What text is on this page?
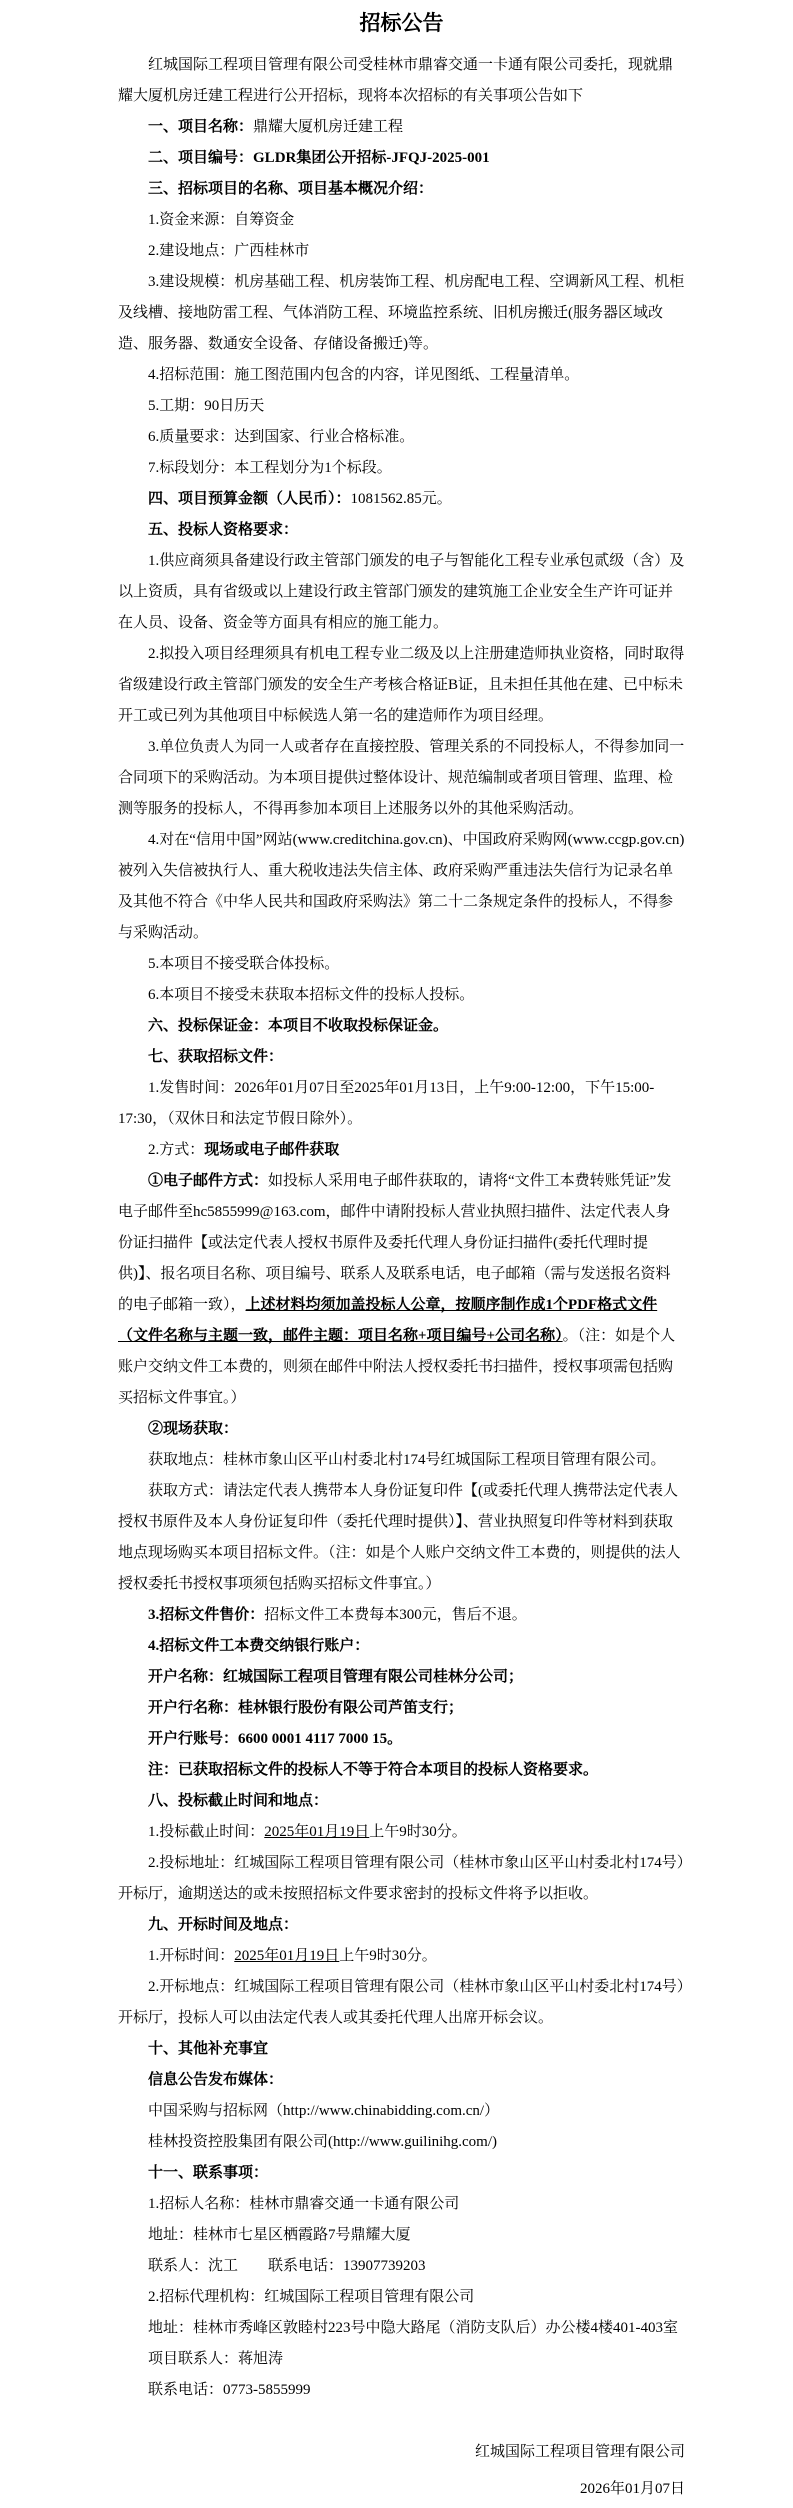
招标公告

红城国际工程项目管理有限公司受桂林市鼎睿交通一卡通有限公司委托，现就鼎耀大厦机房迁建工程进行公开招标，现将本次招标的有关事项公告如下

一、项目名称：鼎耀大厦机房迁建工程

二、项目编号：GLDR集团公开招标-JFQJ-2025-001

三、招标项目的名称、项目基本概况介绍：

1.资金来源：自筹资金

2.建设地点：广西桂林市

3.建设规模：机房基础工程、机房装饰工程、机房配电工程、空调新风工程、机柜及线槽、接地防雷工程、气体消防工程、环境监控系统、旧机房搬迁(服务器区域改造、服务器、数通安全设备、存储设备搬迁)等。

4.招标范围：施工图范围内包含的内容，详见图纸、工程量清单。

5.工期：90日历天

6.质量要求：达到国家、行业合格标准。

7.标段划分：本工程划分为1个标段。

四、项目预算金额（人民币）：1081562.85元。

五、投标人资格要求：

1.供应商须具备建设行政主管部门颁发的电子与智能化工程专业承包贰级（含）及以上资质，具有省级或以上建设行政主管部门颁发的建筑施工企业安全生产许可证并在人员、设备、资金等方面具有相应的施工能力。

2.拟投入项目经理须具有机电工程专业二级及以上注册建造师执业资格，同时取得省级建设行政主管部门颁发的安全生产考核合格证B证，且未担任其他在建、已中标未开工或已列为其他项目中标候选人第一名的建造师作为项目经理。

3.单位负责人为同一人或者存在直接控股、管理关系的不同投标人，不得参加同一合同项下的采购活动。为本项目提供过整体设计、规范编制或者项目管理、监理、检测等服务的投标人，不得再参加本项目上述服务以外的其他采购活动。

4.对在“信用中国”网站(www.creditchina.gov.cn)、中国政府采购网(www.ccgp.gov.cn)被列入失信被执行人、重大税收违法失信主体、政府采购严重违法失信行为记录名单及其他不符合《中华人民共和国政府采购法》第二十二条规定条件的投标人，不得参与采购活动。

5.本项目不接受联合体投标。

6.本项目不接受未获取本招标文件的投标人投标。

六、投标保证金：本项目不收取投标保证金。

七、获取招标文件：

1.发售时间：2026年01月07日至2025年01月13日，上午9:00-12:00，下午15:00- 17:30，（双休日和法定节假日除外）。

2.方式：现场或电子邮件获取

①电子邮件方式：如投标人采用电子邮件获取的，请将“文件工本费转账凭证”发电子邮件至hc5855999@163.com，邮件中请附投标人营业执照扫描件、法定代表人身份证扫描件【或法定代表人授权书原件及委托代理人身份证扫描件(委托代理时提供)】、报名项目名称、项目编号、联系人及联系电话，电子邮箱（需与发送报名资料的电子邮箱一致），上述材料均须加盖投标人公章，按顺序制作成1个PDF格式文件（文件名称与主题一致，邮件主题：项目名称+项目编号+公司名称）。（注：如是个人账户交纳文件工本费的，则须在邮件中附法人授权委托书扫描件，授权事项需包括购买招标文件事宜。）

②现场获取：

获取地点：桂林市象山区平山村委北村174号红城国际工程项目管理有限公司。

获取方式：请法定代表人携带本人身份证复印件【(或委托代理人携带法定代表人授权书原件及本人身份证复印件（委托代理时提供）】、营业执照复印件等材料到获取地点现场购买本项目招标文件。（注：如是个人账户交纳文件工本费的，则提供的法人授权委托书授权事项须包括购买招标文件事宜。）

3.招标文件售价：招标文件工本费每本300元，售后不退。

4.招标文件工本费交纳银行账户：

开户名称：红城国际工程项目管理有限公司桂林分公司；

开户行名称：桂林银行股份有限公司芦笛支行；

开户行账号：6600 0001 4117 7000 15。

注：已获取招标文件的投标人不等于符合本项目的投标人资格要求。

八、投标截止时间和地点：

1.投标截止时间：2025年01月19日上午9时30分。

2.投标地址：红城国际工程项目管理有限公司（桂林市象山区平山村委北村174号）开标厅，逾期送达的或未按照招标文件要求密封的投标文件将予以拒收。

九、开标时间及地点：

1.开标时间：2025年01月19日上午9时30分。

2.开标地点：红城国际工程项目管理有限公司（桂林市象山区平山村委北村174号）开标厅，投标人可以由法定代表人或其委托代理人出席开标会议。

十、其他补充事宜

信息公告发布媒体：

中国采购与招标网（http://www.chinabidding.com.cn/）

桂林投资控股集团有限公司(http://www.guilinihg.com/)

十一、联系事项：

1.招标人名称：桂林市鼎睿交通一卡通有限公司

地址：桂林市七星区栖霞路7号鼎耀大厦

联系人：沈工　　联系电话：13907739203

2.招标代理机构：红城国际工程项目管理有限公司

地址：桂林市秀峰区敦睦村223号中隐大路尾（消防支队后）办公楼4楼401-403室

项目联系人：蒋旭涛

联系电话：0773-5855999

红城国际工程项目管理有限公司

2026年01月07日
